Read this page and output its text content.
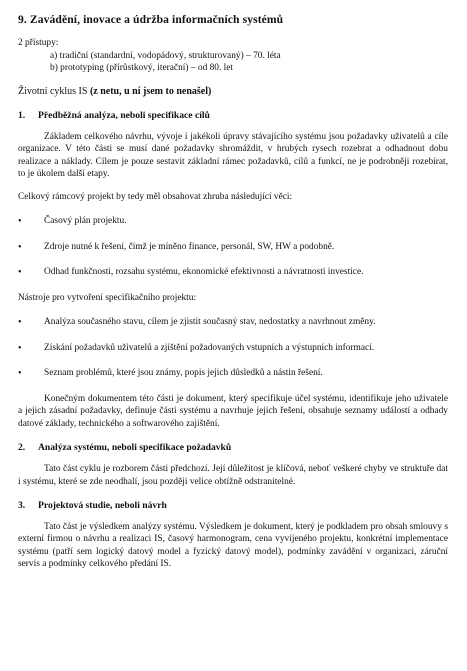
9. Zavádění, inovace a údržba informačních systémů

2 přístupy:

a) tradiční (standardní, vodopádový, strukturovaný) – 70. léta

b) prototyping (přírůstkový, iterační) – od 80. let

Životní cyklus IS (z netu, u ní jsem to nenašel)

1. Předběžná analýza, neboli specifikace cílů

Základem celkového návrhu, vývoje i jakékoli úpravy stávajícího systému jsou požadavky uživatelů a cíle organizace. V této části se musí dané požadavky shromáždit, v hrubých rysech rozebrat a odhadnout dobu realizace a náklady. Cílem je pouze sestavit základní rámec požadavků, cílů a funkcí, ne je podrobněji rozebírat, to je úkolem další etapy.

Celkový rámcový projekt by tedy měl obsahovat zhruba následující věci:

• Časový plán projektu.
• Zdroje nutné k řešení, čímž je míněno finance, personál, SW, HW a podobně.
• Odhad funkčnosti, rozsahu systému, ekonomické efektivnosti a návratnosti investice.

Nástroje pro vytvoření specifikačního projektu:

• Analýza současného stavu, cílem je zjistit současný stav, nedostatky a navrhnout změny.
• Získání požadavků uživatelů a zjištění požadovaných vstupních a výstupních informací.
• Seznam problémů, které jsou známy, popis jejich důsledků a nástin řešení.

Konečným dokumentem této části je dokument, který specifikuje účel systému, identifikuje jeho uživatele a jejich zásadní požadavky, definuje části systému a navrhuje jejich řešení, obsahuje seznamy událostí a odhady datové základy, technického a softwarového zajištění.

2. Analýza systému, neboli specifikace požadavků

Tato část cyklu je rozborem části předchozí. Její důležitost je klíčová, neboť veškeré chyby ve struktuře dat i systému, které se zde neodhalí, jsou později velice obtížně odstranitelné.

3. Projektová studie, neboli návrh

Tato část je výsledkem analýzy systému. Výsledkem je dokument, který je podkladem pro obsah smlouvy s externí firmou o návrhu a realizaci IS, časový harmonogram, cena vyvíjeného projektu, konkrétní implementace systému (patří sem logický datový model a fyzický datový model), podmínky zavádění v organizaci, záruční servis a podmínky celkového předání IS.
